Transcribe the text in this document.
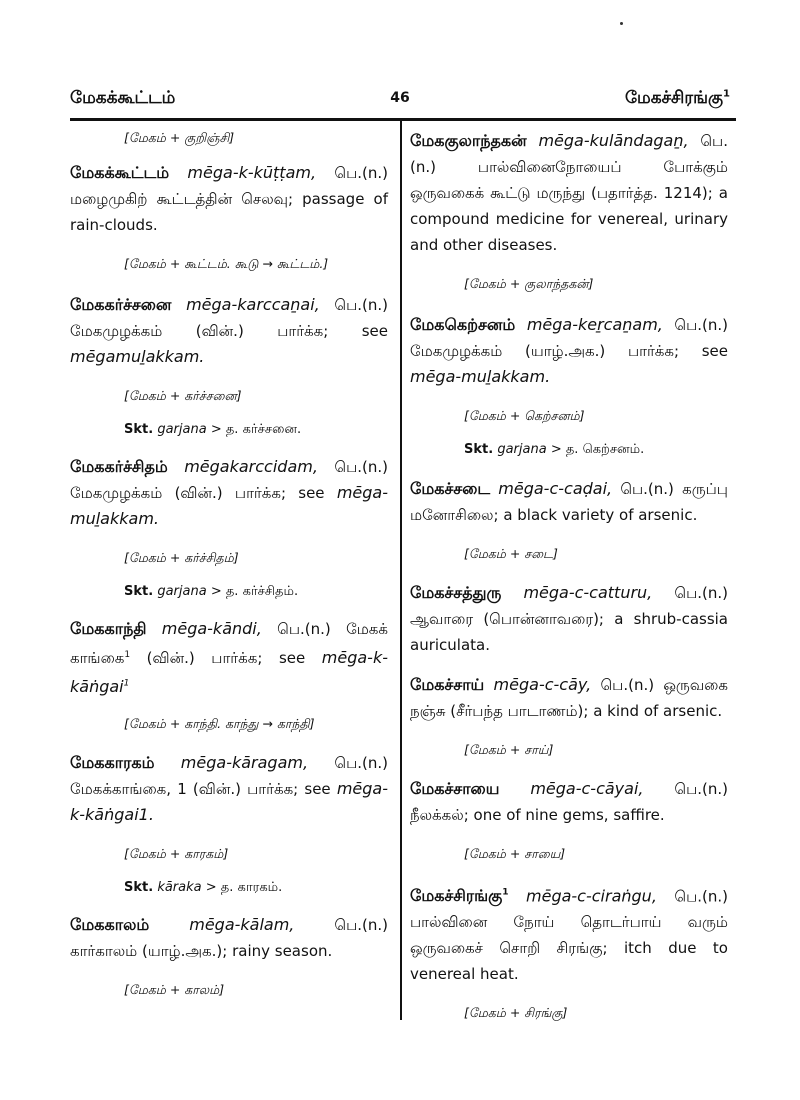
மேகக்கூட்டம்	46	மேகச்சிரங்கு$^1$

[மேகம் + குறிஞ்சி]

மேகக்கூட்டம் mēga-k-kūṭṭam, பெ.(n.) மழைமுகிற் கூட்டத்தின் செலவு; passage of rain-clouds.

[மேகம் + கூட்டம். கூடு → கூட்டம்.]

மேககர்ச்சனை mēga-karccaṉai, பெ.(n.) மேகமுழக்கம் (வின்.) பார்க்க; see mēgamuḻakkam.

[மேகம் + கர்ச்சனை]

Skt. garjana > த. கர்ச்சனை.

மேககர்ச்சிதம் mēgakarccidam, பெ.(n.) மேகமுழக்கம் (வின்.) பார்க்க; see mēga-muḻakkam.

[மேகம் + கர்ச்சிதம்]

Skt. garjana > த. கர்ச்சிதம்.

மேககாந்தி mēga-kāndi, பெ.(n.) மேகக் காங்கை$^1$ (வின்.) பார்க்க; see mēga-k-kāṅgai$^1$

[மேகம் + காந்தி. காந்து → காந்தி]

மேககாரகம் mēga-kāragam, பெ.(n.) மேகக்காங்கை, 1 (வின்.) பார்க்க; see mēga-k-kāṅgai1.

[மேகம் + காரகம்]

Skt. kāraka > த. காரகம்.

மேககாலம்	mēga-kālam,	பெ.(n.) கார்காலம் (யாழ்.அக.); rainy season.

[மேகம் + காலம்]

மேககுலாந்தகன் mēga-kulāndagaṉ, பெ.(n.)	பால்வினைநோயைப் போக்கும் ஒருவகைக் கூட்டு மருந்து (பதார்த்த. 1214); a compound medicine for venereal, urinary and other diseases.

[மேகம் + குலாந்தகன்]

மேககெற்சனம் mēga-keṟcaṉam, பெ.(n.) மேகமுழக்கம் (யாழ்.அக.) பார்க்க; see mēga-muḻakkam.

[மேகம் + கெற்சனம்]

Skt. garjana > த. கெற்சனம்.

மேகச்சடை mēga-c-caḍai, பெ.(n.) கருப்பு மனோசிலை; a black variety of arsenic.

[மேகம் + சடை]

மேகச்சத்துரு mēga-c-catturu, பெ.(n.) ஆவாரை (பொன்னாவரை); a shrub-cassia auriculata.

மேகச்சாய் mēga-c-cāy, பெ.(n.) ஒருவகை நஞ்சு (சீர்பந்த பாடாணம்); a kind of arsenic.

[மேகம் + சாய்]

மேகச்சாயை mēga-c-cāyai, பெ.(n.) நீலக்கல்; one of nine gems, saffire.

[மேகம் + சாயை]

மேகச்சிரங்கு$^1$ mēga-c-ciraṅgu, பெ.(n.) பால்வினை நோய் தொடர்பாய் வரும் ஒருவகைச் சொறி சிரங்கு; itch due to venereal heat.

[மேகம் + சிரங்கு]
